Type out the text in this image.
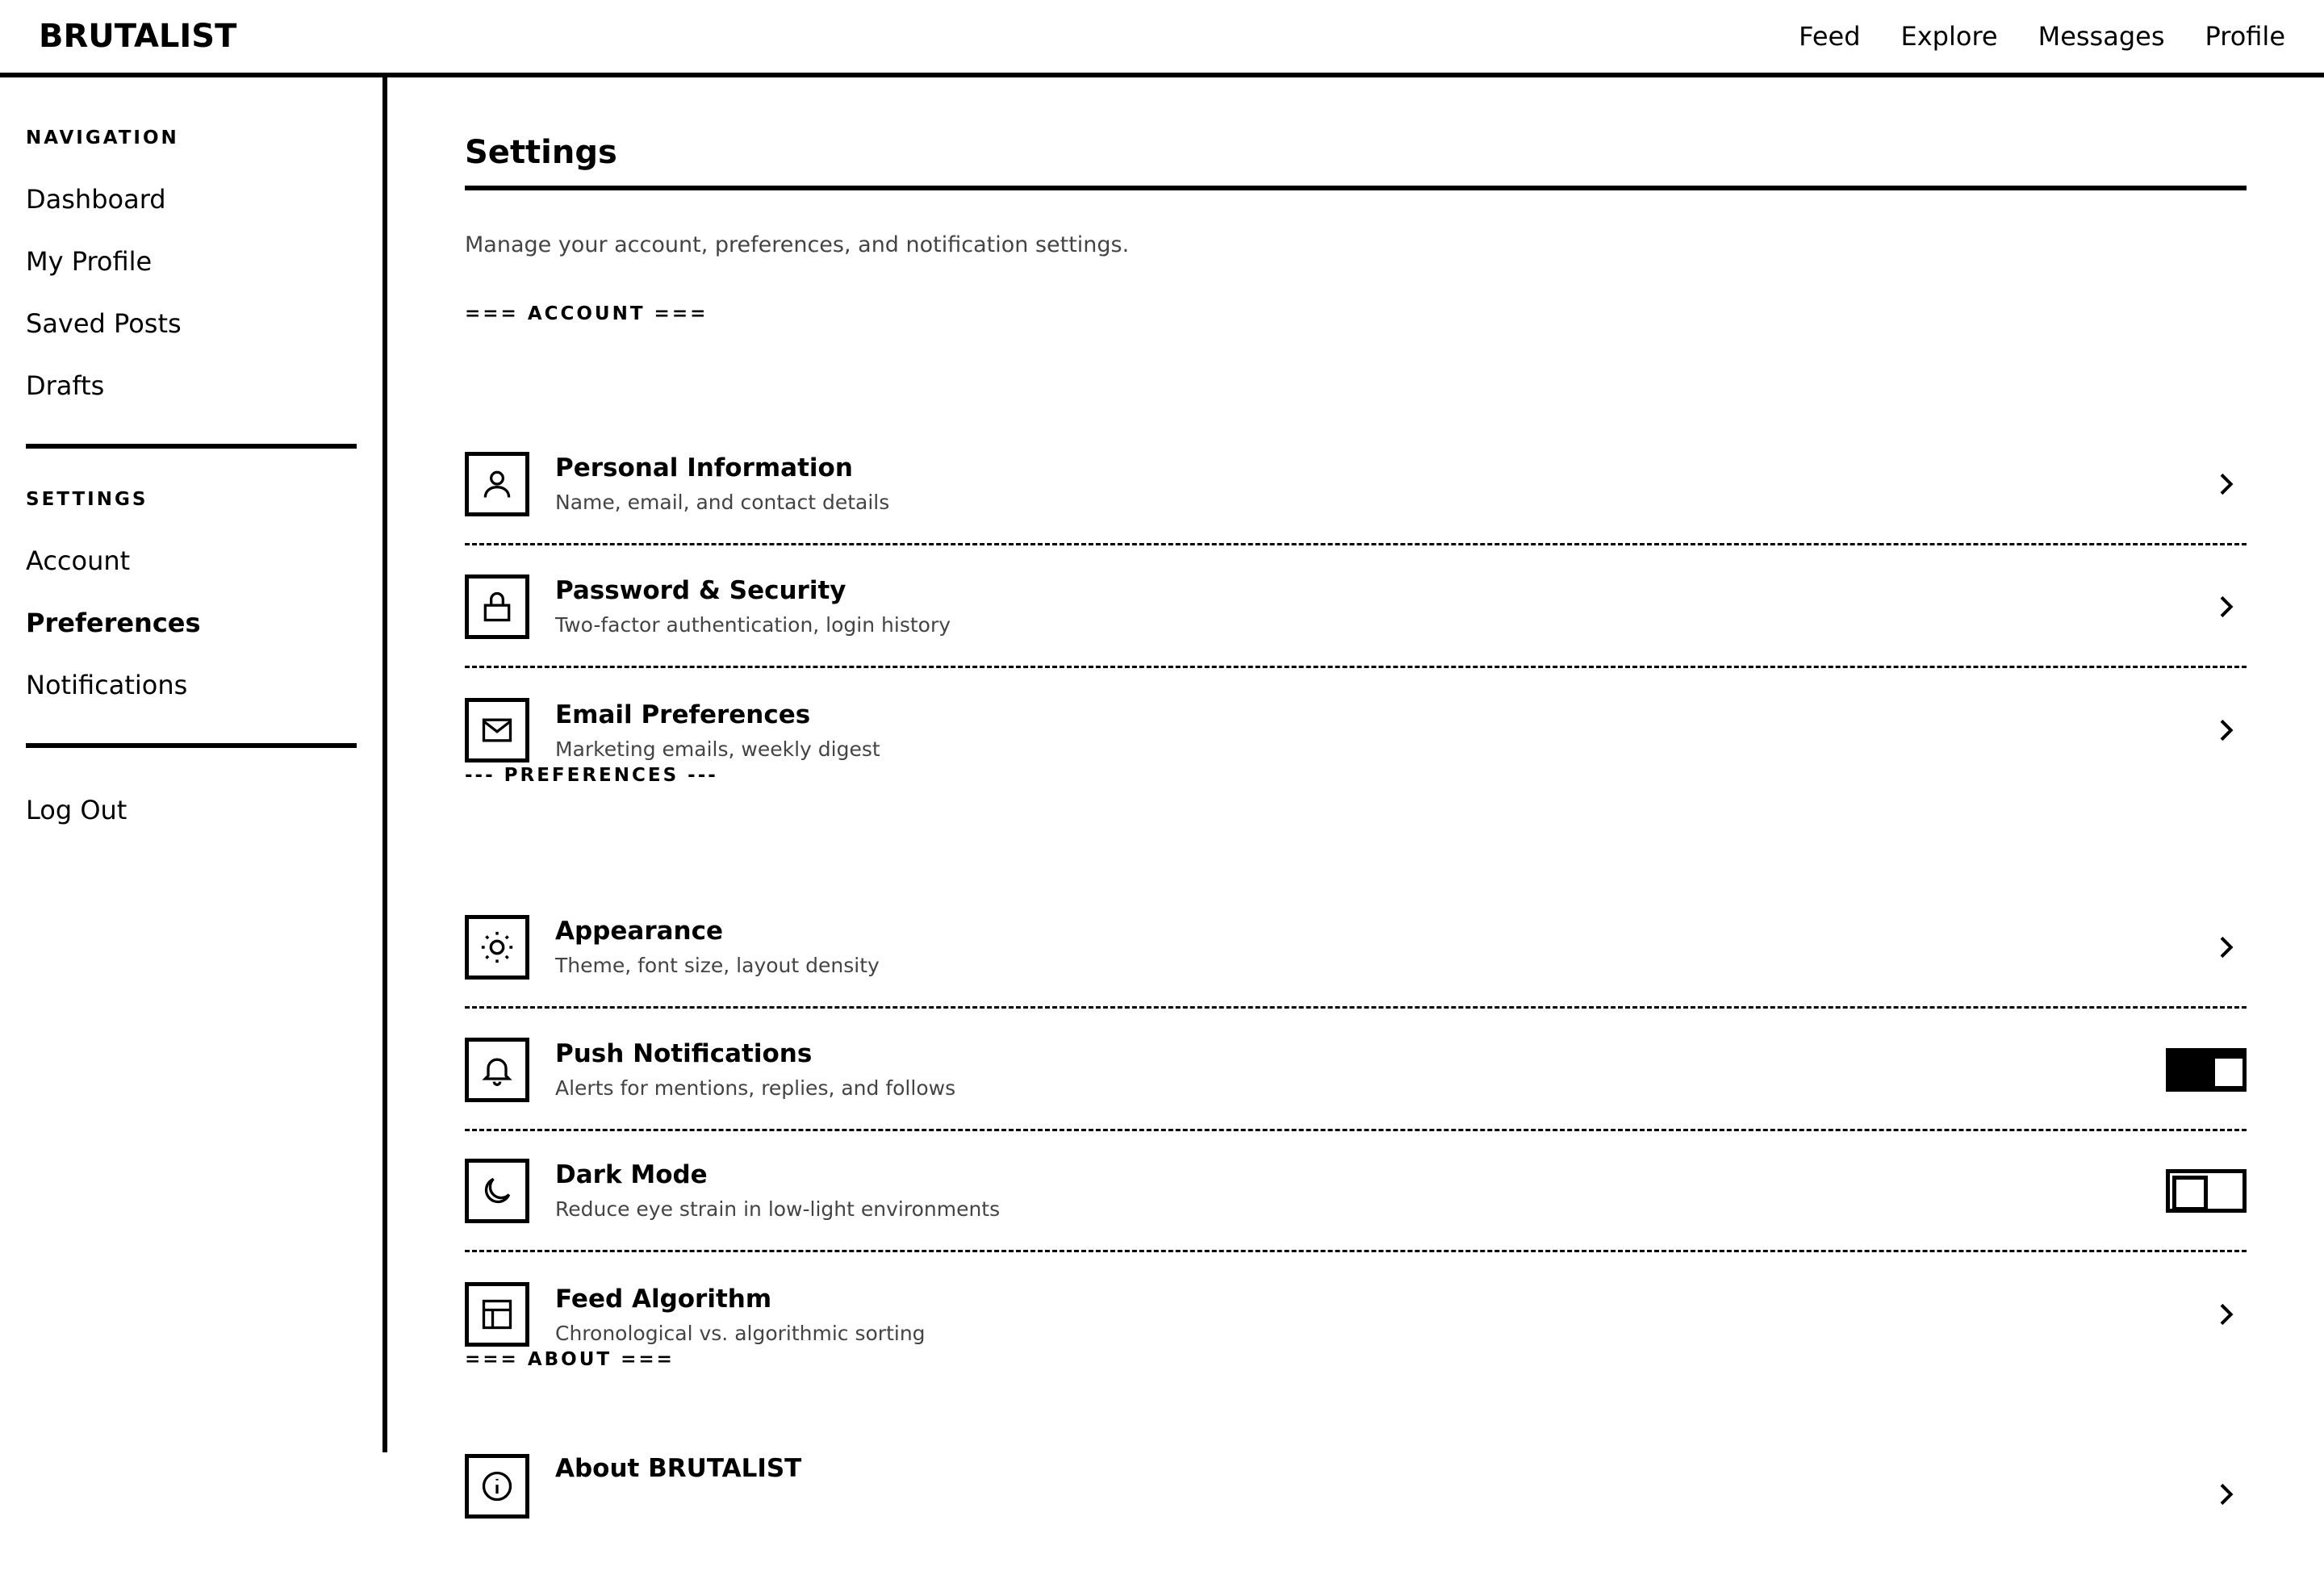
BRUTALIST	Feed Explore Messages Profile
NAVIGATION
Dashboard
My Profile
Saved Posts
Drafts
SETTINGS
Account
Preferences
Notifications
Log Out
Settings

Manage your account, preferences, and notification settings.

=== ACCOUNT ===
Personal Information
Name, email, and contact details
Password & Security
Two-factor authentication, login history
Email Preferences
Marketing emails, weekly digest
--- PREFERENCES ---
Appearance
Theme, font size, layout density
Push Notifications
Alerts for mentions, replies, and follows
Dark Mode
Reduce eye strain in low-light environments
Feed Algorithm
Chronological vs. algorithmic sorting
=== ABOUT ===
About BRUTALIST
